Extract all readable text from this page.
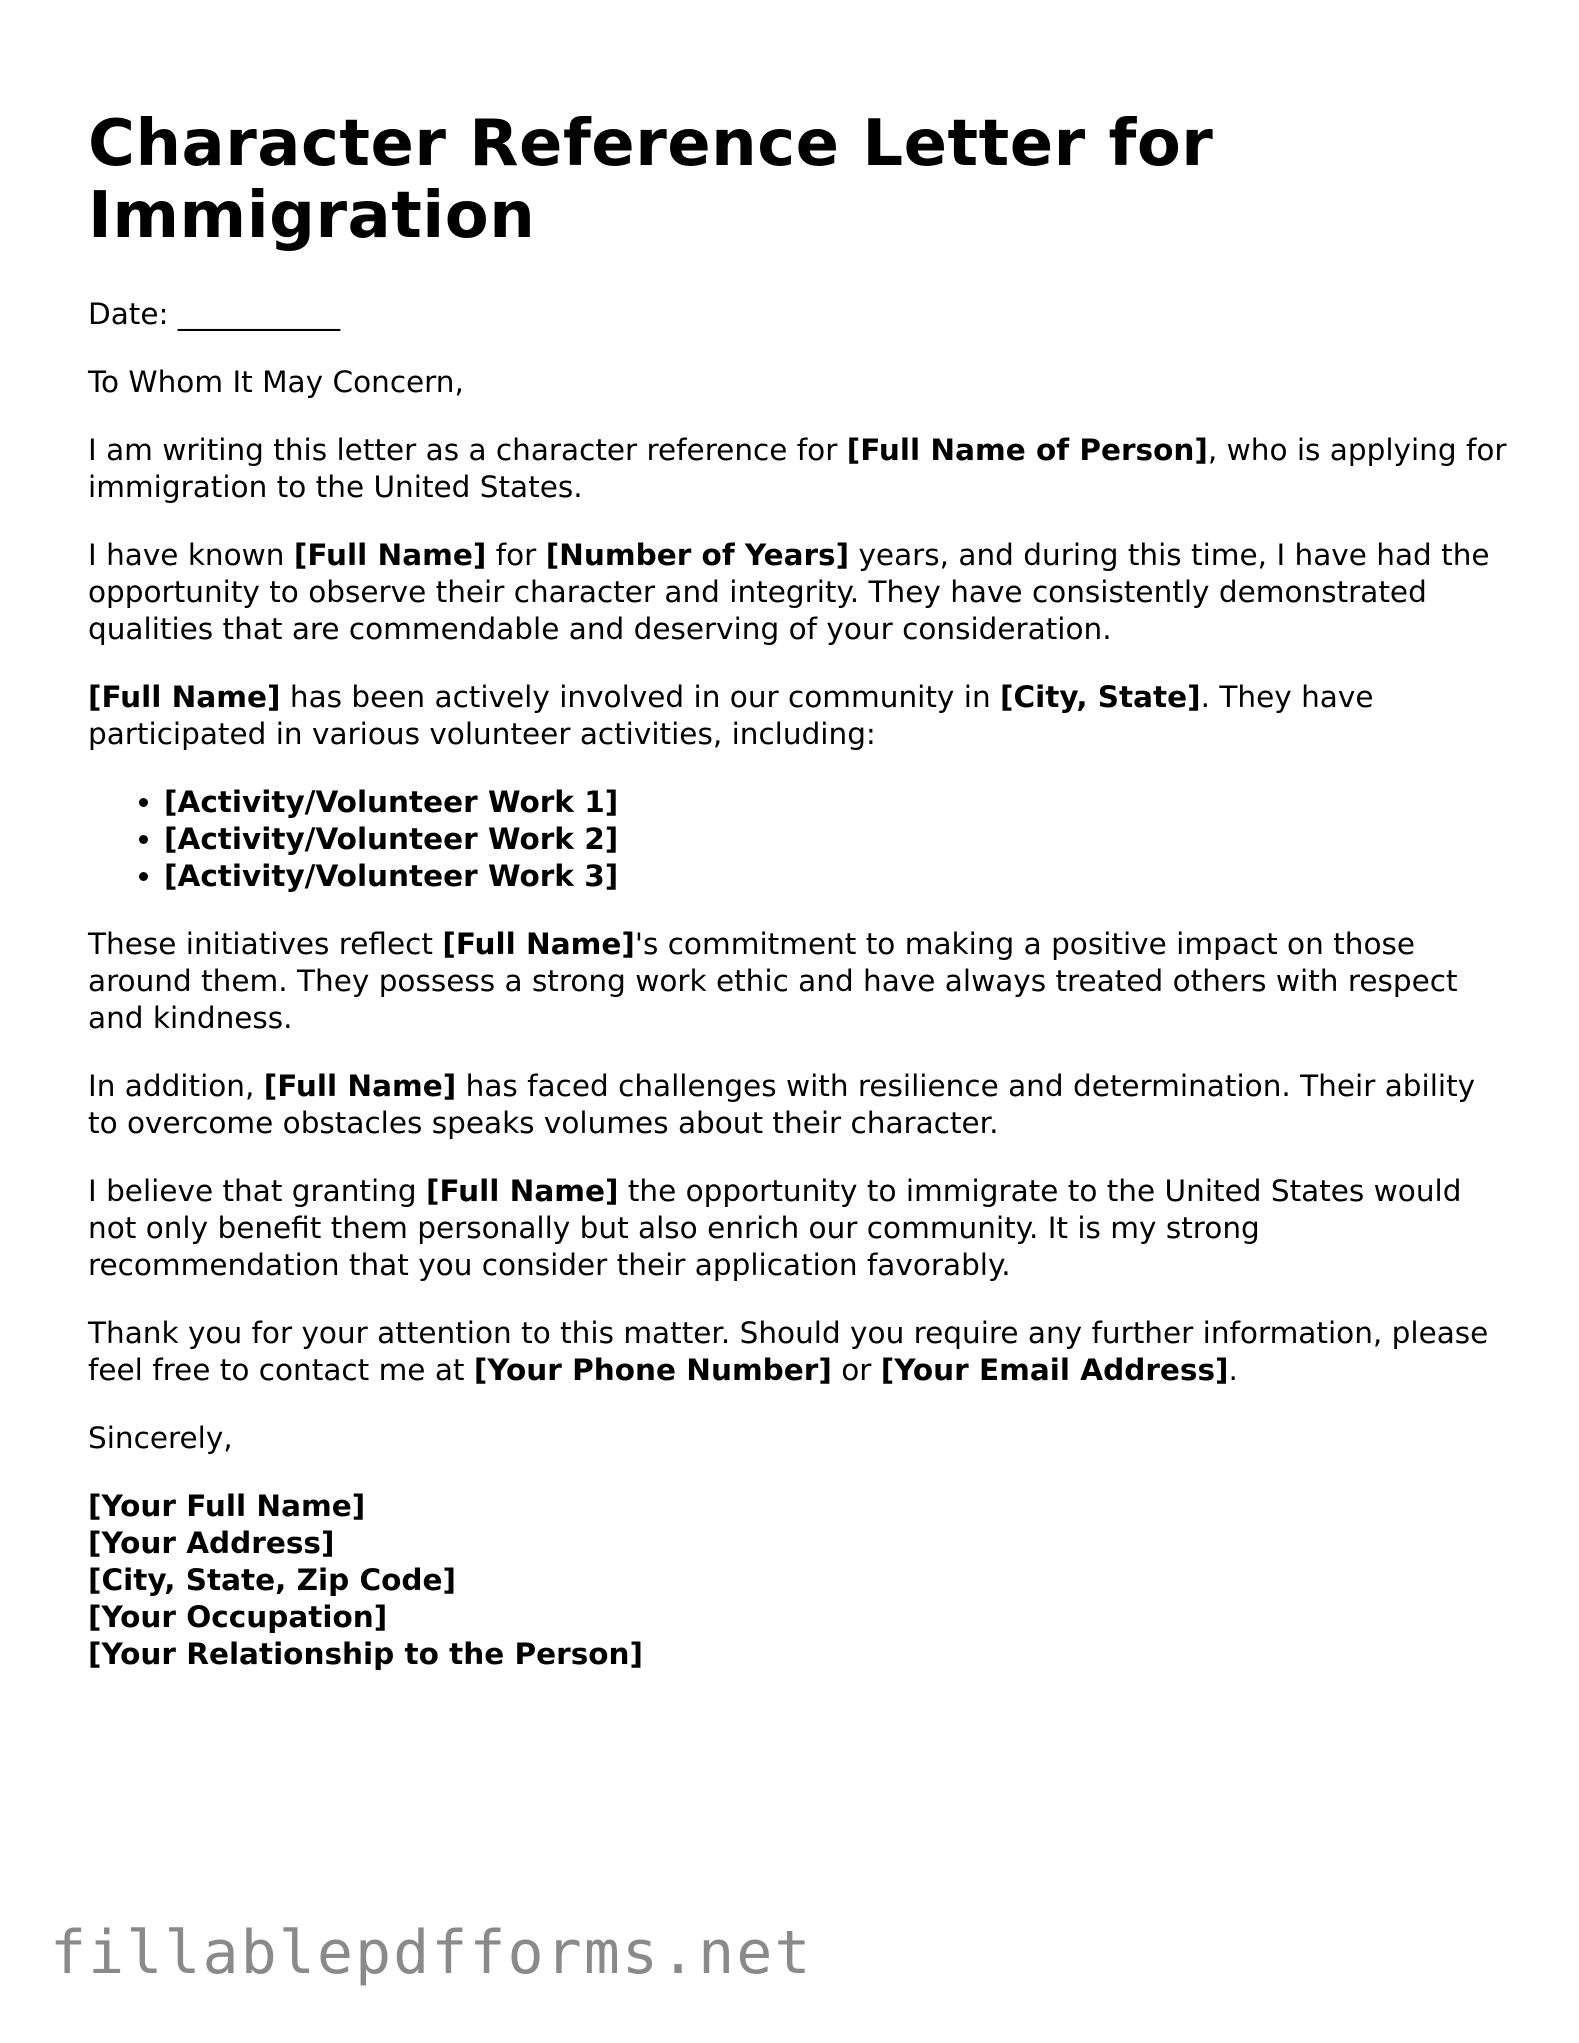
Character Reference Letter for Immigration

Date: ___________

To Whom It May Concern,

I am writing this letter as a character reference for [Full Name of Person], who is applying for immigration to the United States.

I have known [Full Name] for [Number of Years] years, and during this time, I have had the opportunity to observe their character and integrity. They have consistently demonstrated qualities that are commendable and deserving of your consideration.

[Full Name] has been actively involved in our community in [City, State]. They have participated in various volunteer activities, including:

• [Activity/Volunteer Work 1]
• [Activity/Volunteer Work 2]
• [Activity/Volunteer Work 3]

These initiatives reflect [Full Name]'s commitment to making a positive impact on those around them. They possess a strong work ethic and have always treated others with respect and kindness.

In addition, [Full Name] has faced challenges with resilience and determination. Their ability to overcome obstacles speaks volumes about their character.

I believe that granting [Full Name] the opportunity to immigrate to the United States would not only benefit them personally but also enrich our community. It is my strong recommendation that you consider their application favorably.

Thank you for your attention to this matter. Should you require any further information, please feel free to contact me at [Your Phone Number] or [Your Email Address].

Sincerely,

[Your Full Name]
[Your Address]
[City, State, Zip Code]
[Your Occupation]
[Your Relationship to the Person]
fillablepdfforms.net
